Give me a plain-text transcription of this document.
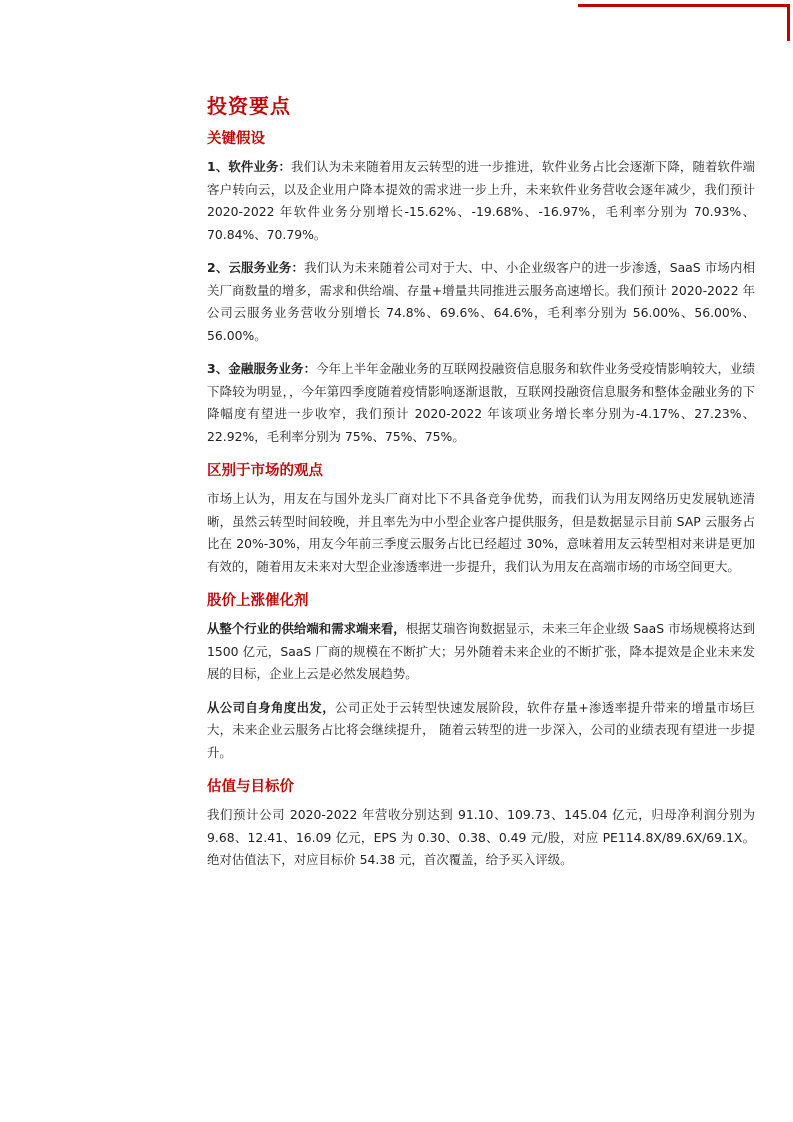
投资要点
关键假设

1、软件业务：我们认为未来随着用友云转型的进一步推进，软件业务占比会逐渐下降，随着软件端客户转向云，以及企业用户降本提效的需求进一步上升，未来软件业务营收会逐年减少，我们预计 2020-2022 年软件业务分别增长-15.62%、-19.68%、-16.97%，毛利率分别为 70.93%、70.84%、70.79%。

2、云服务业务：我们认为未来随着公司对于大、中、小企业级客户的进一步渗透，SaaS 市场内相关厂商数量的增多，需求和供给端、存量+增量共同推进云服务高速增长。我们预计 2020-2022 年公司云服务业务营收分别增长 74.8%、69.6%、64.6%，毛利率分别为 56.00%、56.00%、56.00%。

3、金融服务业务：今年上半年金融业务的互联网投融资信息服务和软件业务受疫情影响较大，业绩下降较为明显，，今年第四季度随着疫情影响逐渐退散，互联网投融资信息服务和整体金融业务的下降幅度有望进一步收窄，我们预计 2020-2022 年该项业务增长率分别为-4.17%、27.23%、22.92%，毛利率分别为 75%、75%、75%。

区别于市场的观点

市场上认为，用友在与国外龙头厂商对比下不具备竞争优势，而我们认为用友网络历史发展轨迹清晰，虽然云转型时间较晚，并且率先为中小型企业客户提供服务，但是数据显示目前 SAP 云服务占比在 20%-30%，用友今年前三季度云服务占比已经超过 30%，意味着用友云转型相对来讲是更加有效的，随着用友未来对大型企业渗透率进一步提升，我们认为用友在高端市场的市场空间更大。

股价上涨催化剂

从整个行业的供给端和需求端来看，根据艾瑞咨询数据显示，未来三年企业级 SaaS 市场规模将达到 1500 亿元，SaaS 厂商的规模在不断扩大；另外随着未来企业的不断扩张，降本提效是企业未来发展的目标，企业上云是必然发展趋势。

从公司自身角度出发，公司正处于云转型快速发展阶段，软件存量+渗透率提升带来的增量市场巨大，未来企业云服务占比将会继续提升， 随着云转型的进一步深入，公司的业绩表现有望进一步提升。

估值与目标价

我们预计公司 2020-2022 年营收分别达到 91.10、109.73、145.04 亿元，归母净利润分别为 9.68、12.41、16.09 亿元，EPS 为 0.30、0.38、0.49 元/股，对应 PE114.8X/89.6X/69.1X。绝对估值法下，对应目标价 54.38 元，首次覆盖，给予买入评级。
